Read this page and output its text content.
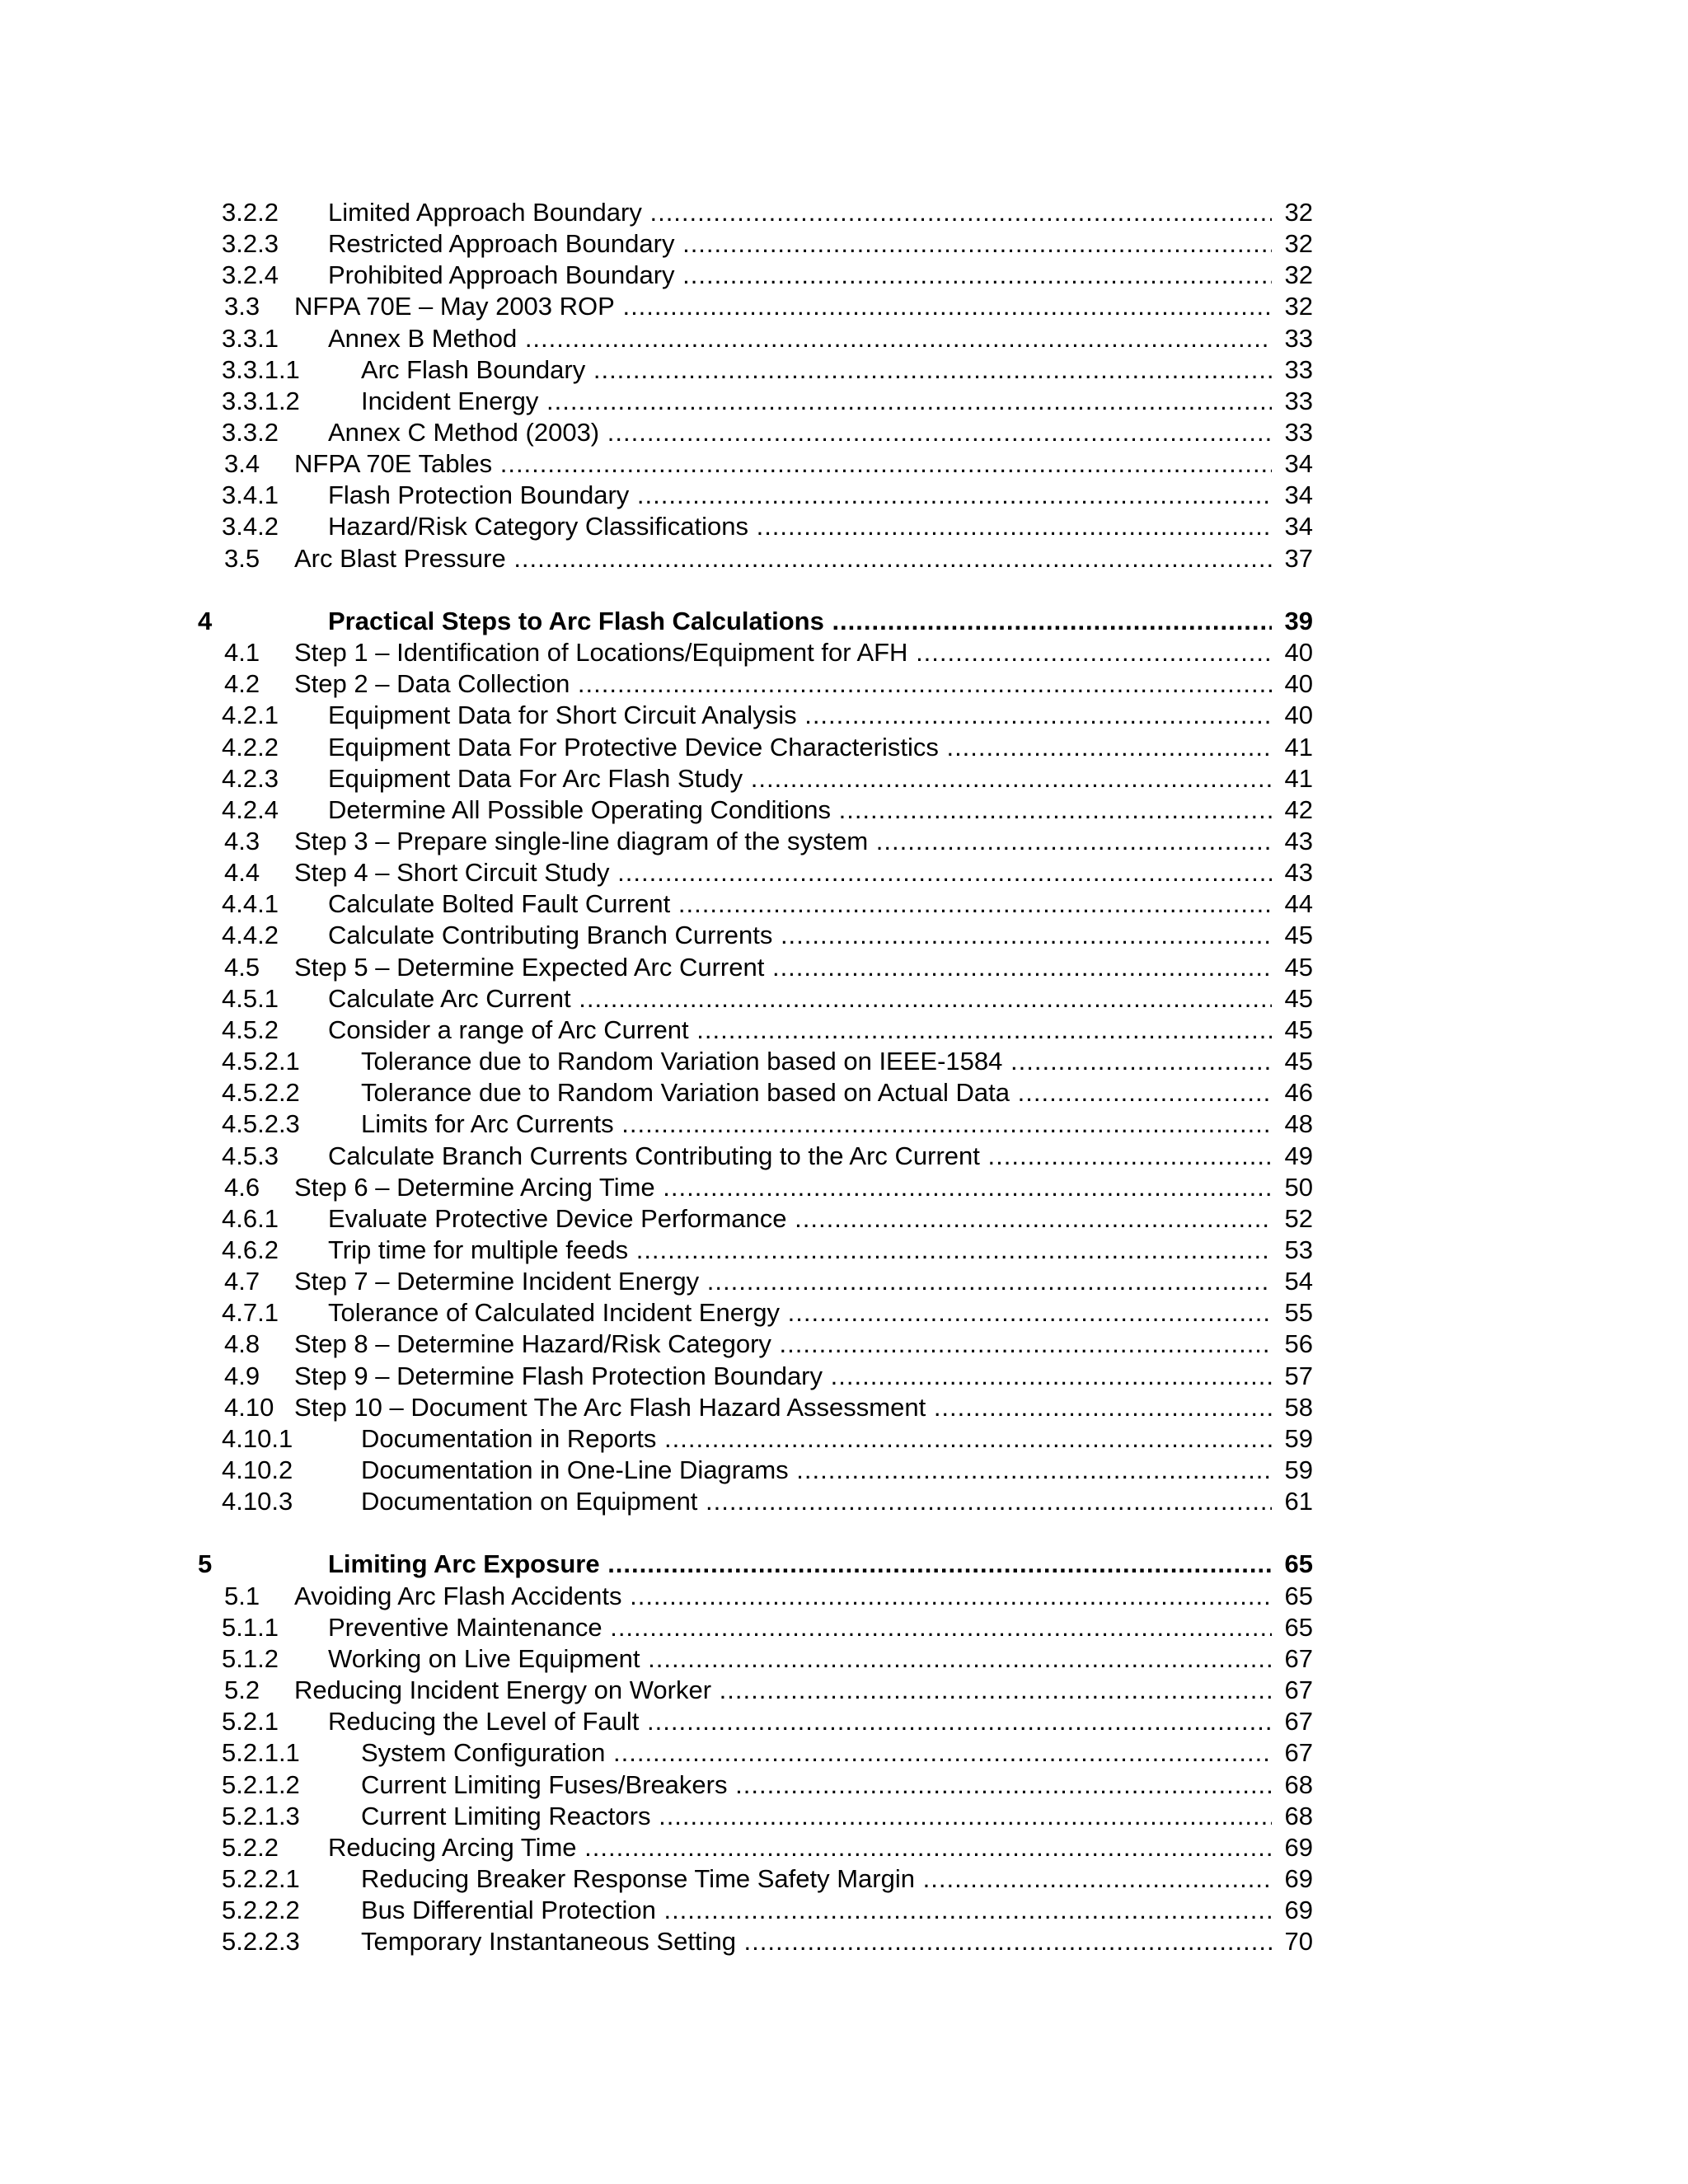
3.2.2 Limited Approach Boundary .....	32
3.2.3 Restricted Approach Boundary .....	32
3.2.4 Prohibited Approach Boundary .....	32
3.3 NFPA 70E – May 2003 ROP .....	32
3.3.1 Annex B Method .....	33
3.3.1.1 Arc Flash Boundary .....	33
3.3.1.2 Incident Energy .....	33
3.3.2 Annex C Method (2003) .....	33
3.4 NFPA 70E Tables .....	34
3.4.1 Flash Protection Boundary .....	34
3.4.2 Hazard/Risk Category Classifications .....	34
3.5 Arc Blast Pressure .....	37
4	Practical Steps to Arc Flash Calculations .....	39
4.1 Step 1 – Identification of Locations/Equipment for AFH .....	40
4.2 Step 2 – Data Collection .....	40
4.2.1 Equipment Data for Short Circuit Analysis .....	40
4.2.2 Equipment Data For Protective Device Characteristics .....	41
4.2.3 Equipment Data For Arc Flash Study .....	41
4.2.4 Determine All Possible Operating Conditions .....	42
4.3 Step 3 – Prepare single-line diagram of the system .....	43
4.4 Step 4 – Short Circuit Study .....	43
4.4.1 Calculate Bolted Fault Current .....	44
4.4.2 Calculate Contributing Branch Currents .....	45
4.5 Step 5 – Determine Expected Arc Current .....	45
4.5.1 Calculate Arc Current .....	45
4.5.2 Consider a range of Arc Current .....	45
4.5.2.1 Tolerance due to Random Variation based on IEEE-1584 .....	45
4.5.2.2 Tolerance due to Random Variation based on Actual Data .....	46
4.5.2.3 Limits for Arc Currents .....	48
4.5.3 Calculate Branch Currents Contributing to the Arc Current .....	49
4.6 Step 6 – Determine Arcing Time .....	50
4.6.1 Evaluate Protective Device Performance .....	52
4.6.2 Trip time for multiple feeds .....	53
4.7 Step 7 – Determine Incident Energy .....	54
4.7.1 Tolerance of Calculated Incident Energy .....	55
4.8 Step 8 – Determine Hazard/Risk Category .....	56
4.9 Step 9 – Determine Flash Protection Boundary .....	57
4.10 Step 10 – Document The Arc Flash Hazard Assessment .....	58
4.10.1	Documentation in Reports .....	59
4.10.2	Documentation in One-Line Diagrams .....	59
4.10.3	Documentation on Equipment .....	61
5	Limiting Arc Exposure .....	65
5.1 Avoiding Arc Flash Accidents .....	65
5.1.1 Preventive Maintenance .....	65
5.1.2 Working on Live Equipment .....	67
5.2 Reducing Incident Energy on Worker .....	67
5.2.1 Reducing the Level of Fault .....	67
5.2.1.1 System Configuration .....	67
5.2.1.2 Current Limiting Fuses/Breakers .....	68
5.2.1.3 Current Limiting Reactors .....	68
5.2.2 Reducing Arcing Time .....	69
5.2.2.1 Reducing Breaker Response Time Safety Margin .....	69
5.2.2.2 Bus Differential Protection .....	69
5.2.2.3 Temporary Instantaneous Setting .....	70
